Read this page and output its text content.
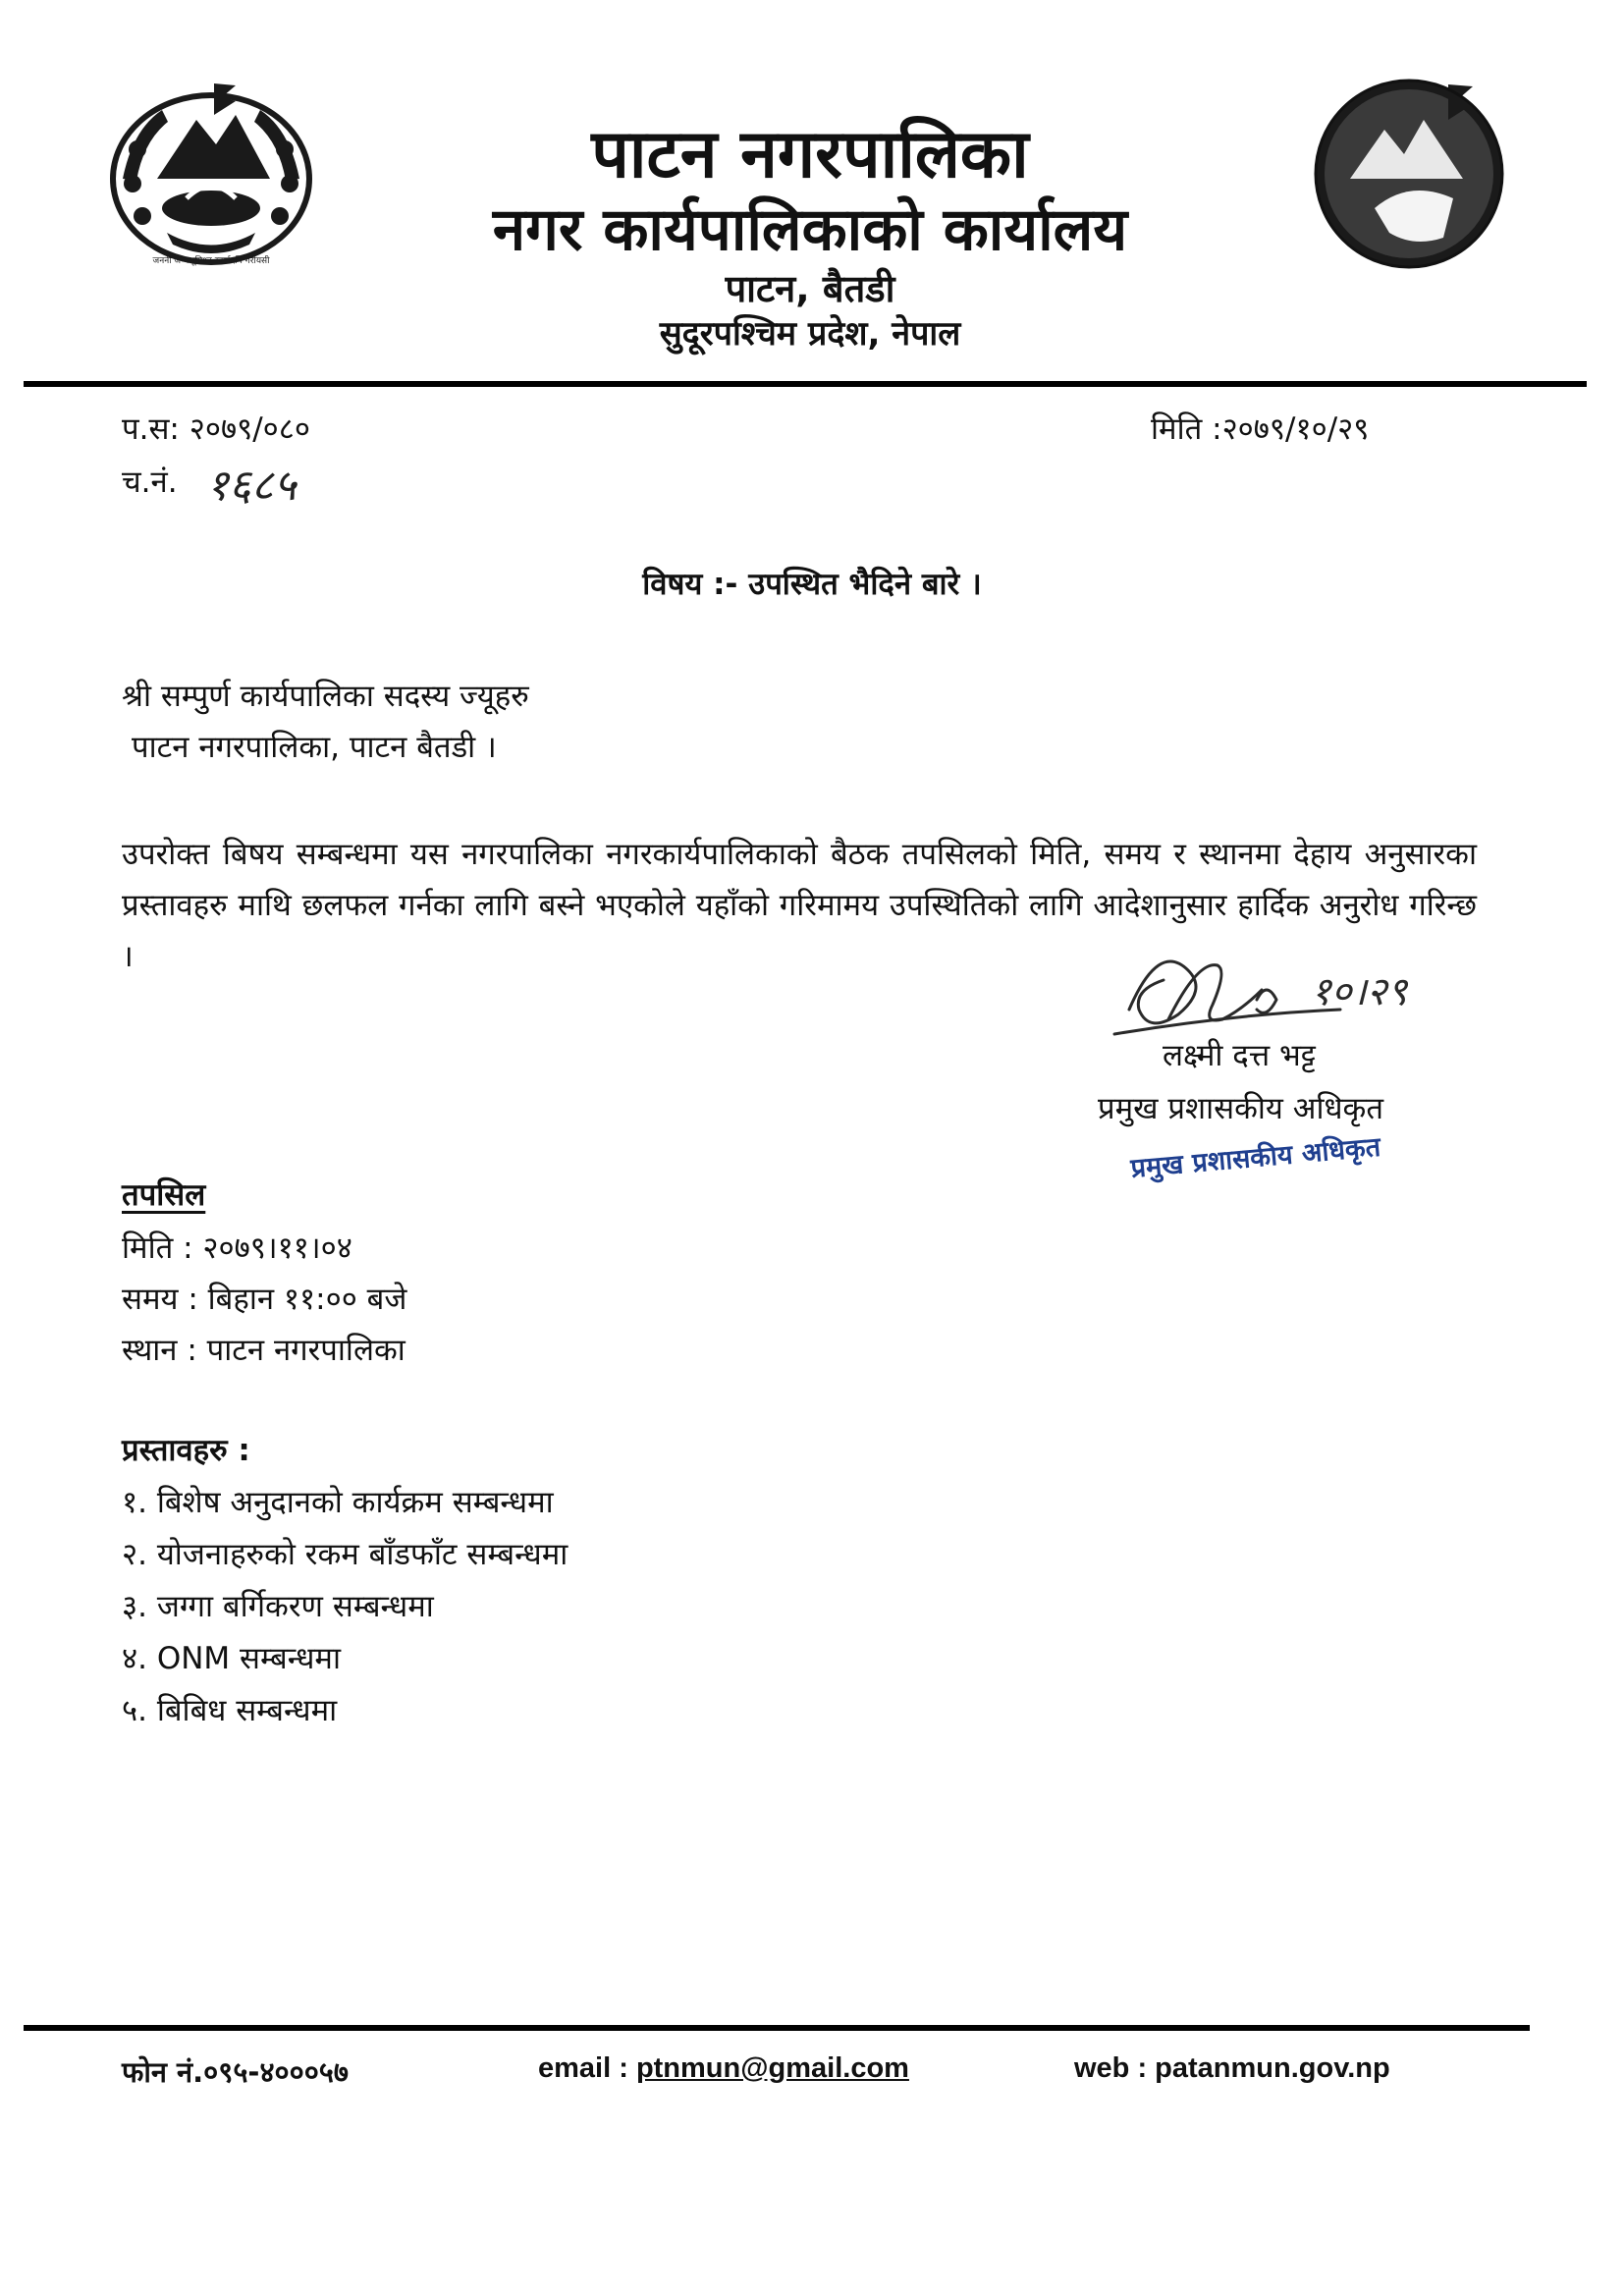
जननी जन्मभूमिश्च स्वर्गादपि गरीयसी
पाटन नगरपालिका
नगर कार्यपालिकाको कार्यालय
पाटन, बैतडी
सुदूरपश्चिम प्रदेश, नेपाल
प.स: २०७९/०८०
च.नं. १६८५
मिति :२०७९/१०/२९
विषय :- उपस्थित भैदिने बारे ।
श्री सम्पुर्ण कार्यपालिका सदस्य ज्यूहरु
पाटन नगरपालिका, पाटन बैतडी ।
उपरोक्त बिषय सम्बन्धमा यस नगरपालिका नगरकार्यपालिकाको बैठक तपसिलको मिति, समय र स्थानमा देहाय अनुसारका प्रस्तावहरु माथि छलफल गर्नका लागि बस्ने भएकोले यहाँको गरिमामय उपस्थितिको लागि आदेशानुसार हार्दिक अनुरोध गरिन्छ ।
१०।२९
लक्ष्मी दत्त भट्ट
प्रमुख प्रशासकीय अधिकृत
प्रमुख प्रशासकीय अधिकृत
तपसिल
मिति : २०७९।११।०४
समय : बिहान ११:०० बजे
स्थान : पाटन नगरपालिका
प्रस्तावहरु :
१. बिशेष अनुदानको कार्यक्रम सम्बन्धमा
२. योजनाहरुको रकम बाँडफाँट सम्बन्धमा
३. जग्गा बर्गिकरण सम्बन्धमा
४. ONM सम्बन्धमा
५. बिबिध सम्बन्धमा
फोन नं.०९५-४०००५७	email : ptnmun@gmail.com	web : patanmun.gov.np
